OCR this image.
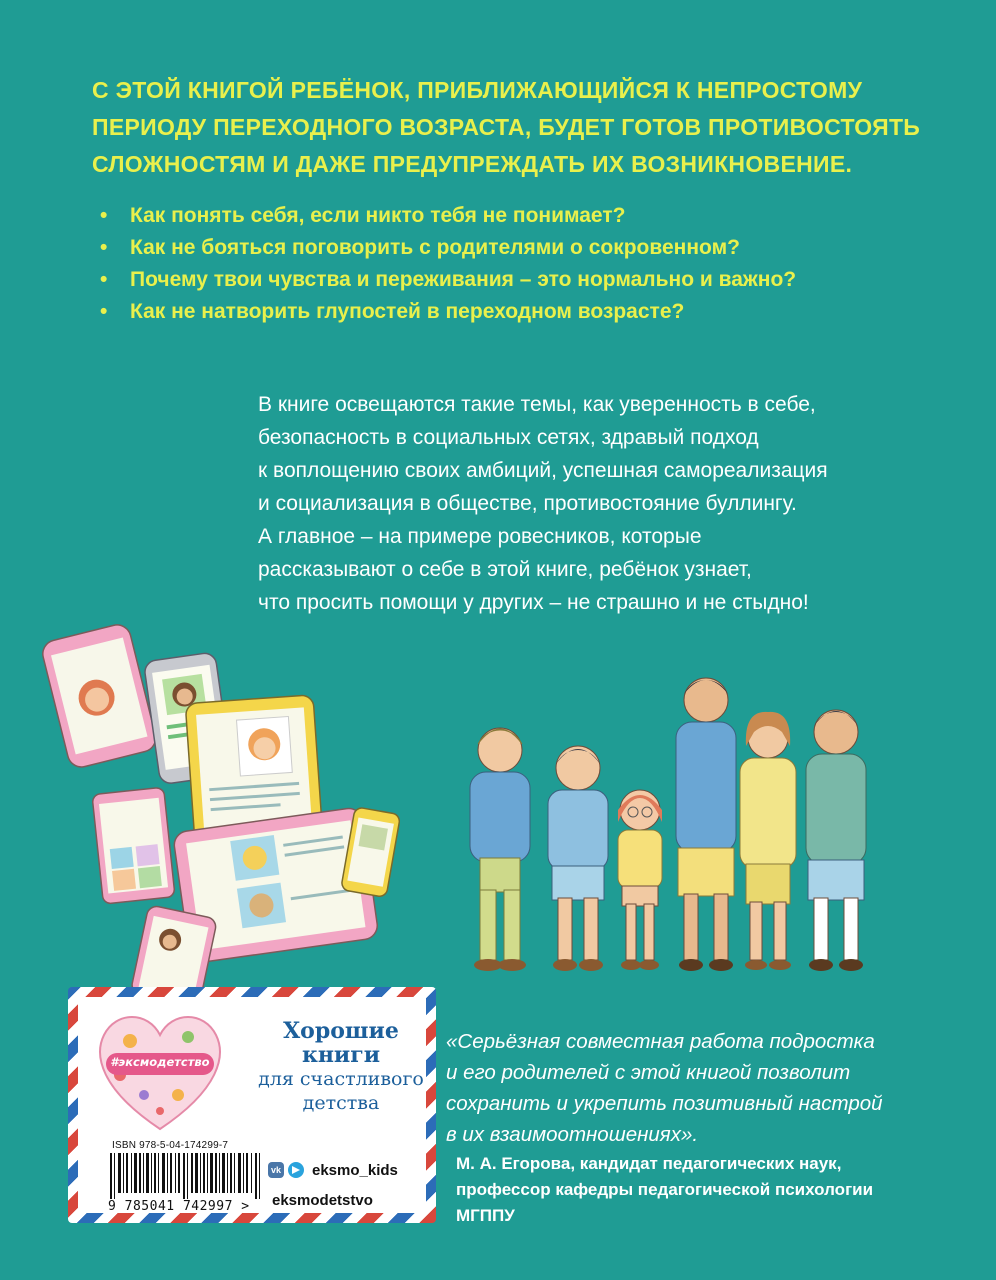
С ЭТОЙ КНИГОЙ РЕБЁНОК, ПРИБЛИЖАЮЩИЙСЯ К НЕПРОСТОМУ
ПЕРИОДУ ПЕРЕХОДНОГО ВОЗРАСТА, БУДЕТ ГОТОВ ПРОТИВОСТОЯТЬ
СЛОЖНОСТЯМ И ДАЖЕ ПРЕДУПРЕЖДАТЬ ИХ ВОЗНИКНОВЕНИЕ.
• Как понять себя, если никто тебя не понимает?
• Как не бояться поговорить с родителями о сокровенном?
• Почему твои чувства и переживания – это нормально и важно?
• Как не натворить глупостей в переходном возрасте?
В книге освещаются такие темы, как уверенность в себе,
безопасность в социальных сетях, здравый подход
к воплощению своих амбиций, успешная самореализация
и социализация в обществе, противостояние буллингу.
А главное – на примере ровесников, которые
рассказывают о себе в этой книге, ребёнок узнает,
что просить помощи у других – не страшно и не стыдно!
#эксмодетство
Хорошие
книги
для счастливого
детства
ISBN 978-5-04-174299-7
9 785041 742997 >
vk eksmo_kids
eksmodetstvo
«Серьёзная совместная работа подростка
и его родителей с этой книгой позволит
сохранить и укрепить позитивный настрой
в их взаимоотношениях».
М. А. Егорова, кандидат педагогических наук,
профессор кафедры педагогической психологии
МГППУ
